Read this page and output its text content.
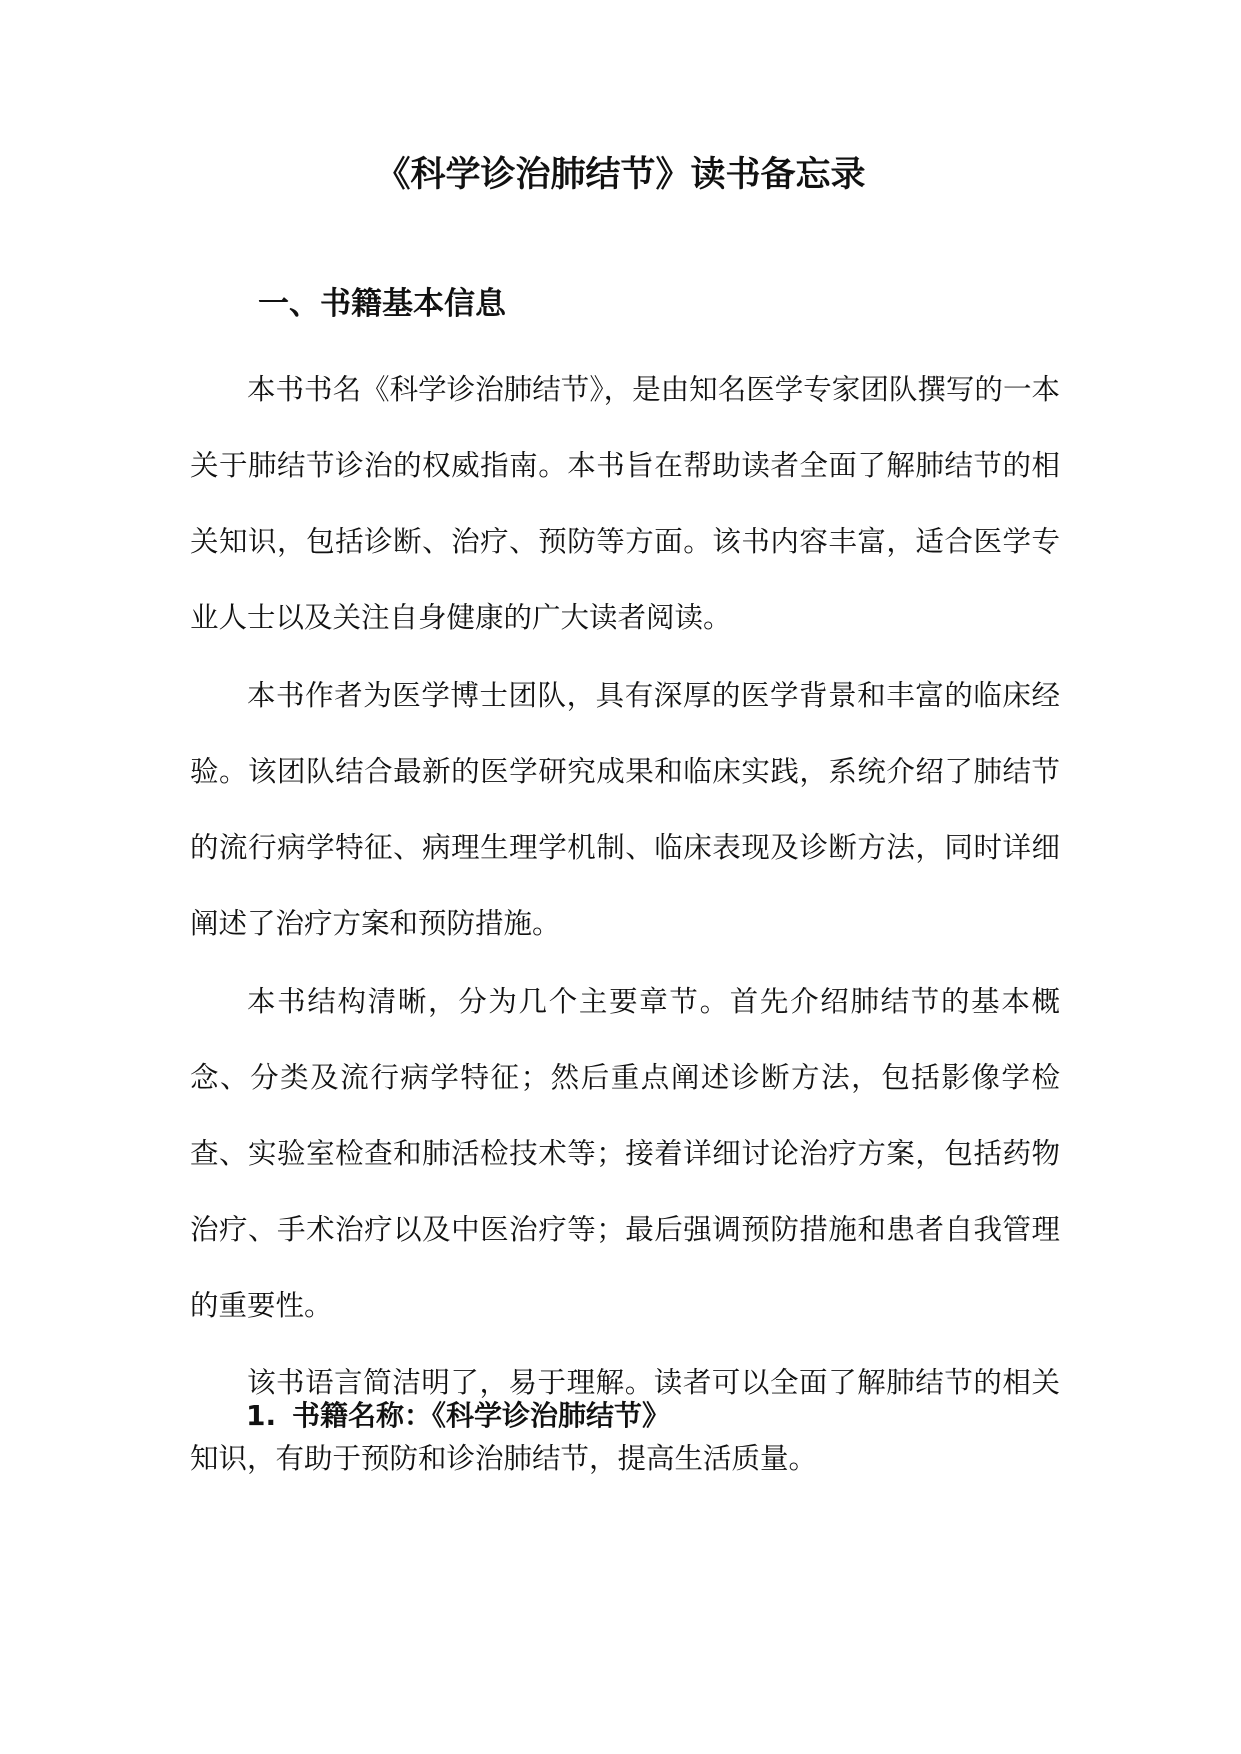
《科学诊治肺结节》读书备忘录
一、书籍基本信息

本书书名《科学诊治肺结节》，是由知名医学专家团队撰写的一本关于肺结节诊治的权威指南。本书旨在帮助读者全面了解肺结节的相关知识，包括诊断、治疗、预防等方面。该书内容丰富，适合医学专业人士以及关注自身健康的广大读者阅读。

本书作者为医学博士团队，具有深厚的医学背景和丰富的临床经验。该团队结合最新的医学研究成果和临床实践，系统介绍了肺结节的流行病学特征、病理生理学机制、临床表现及诊断方法，同时详细阐述了治疗方案和预防措施。

本书结构清晰，分为几个主要章节。首先介绍肺结节的基本概念、分类及流行病学特征；然后重点阐述诊断方法，包括影像学检查、实验室检查和肺活检技术等；接着详细讨论治疗方案，包括药物治疗、手术治疗以及中医治疗等；最后强调预防措施和患者自我管理的重要性。

该书语言简洁明了，易于理解。读者可以全面了解肺结节的相关知识，有助于预防和诊治肺结节，提高生活质量。

1. 书籍名称：《科学诊治肺结节》
